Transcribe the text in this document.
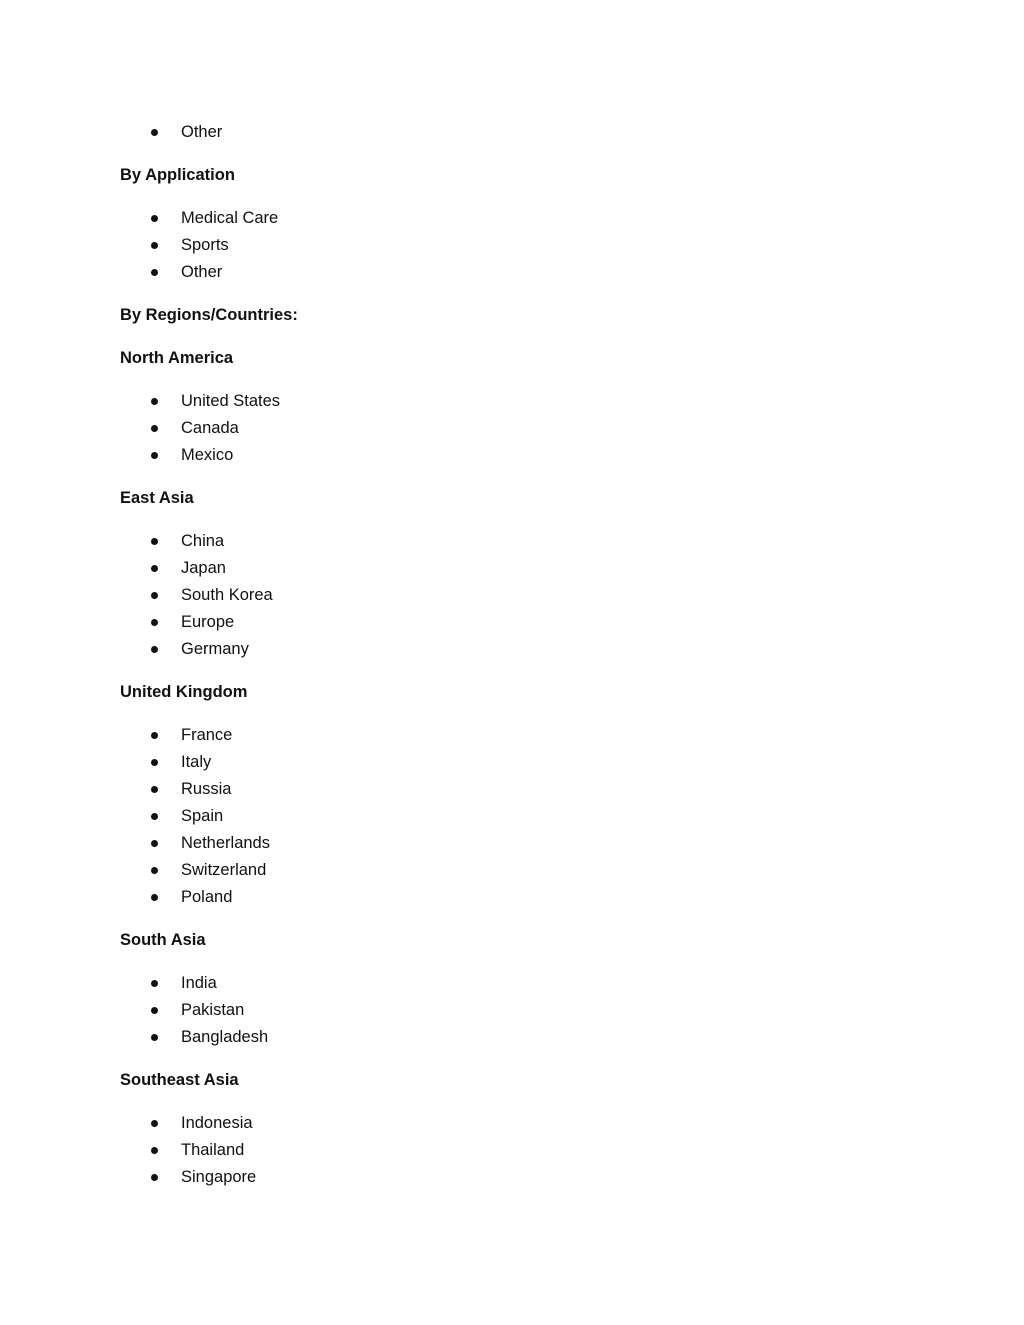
Other
By Application
Medical Care
Sports
Other
By Regions/Countries:
North America
United States
Canada
Mexico
East Asia
China
Japan
South Korea
Europe
Germany
United Kingdom
France
Italy
Russia
Spain
Netherlands
Switzerland
Poland
South Asia
India
Pakistan
Bangladesh
Southeast Asia
Indonesia
Thailand
Singapore
